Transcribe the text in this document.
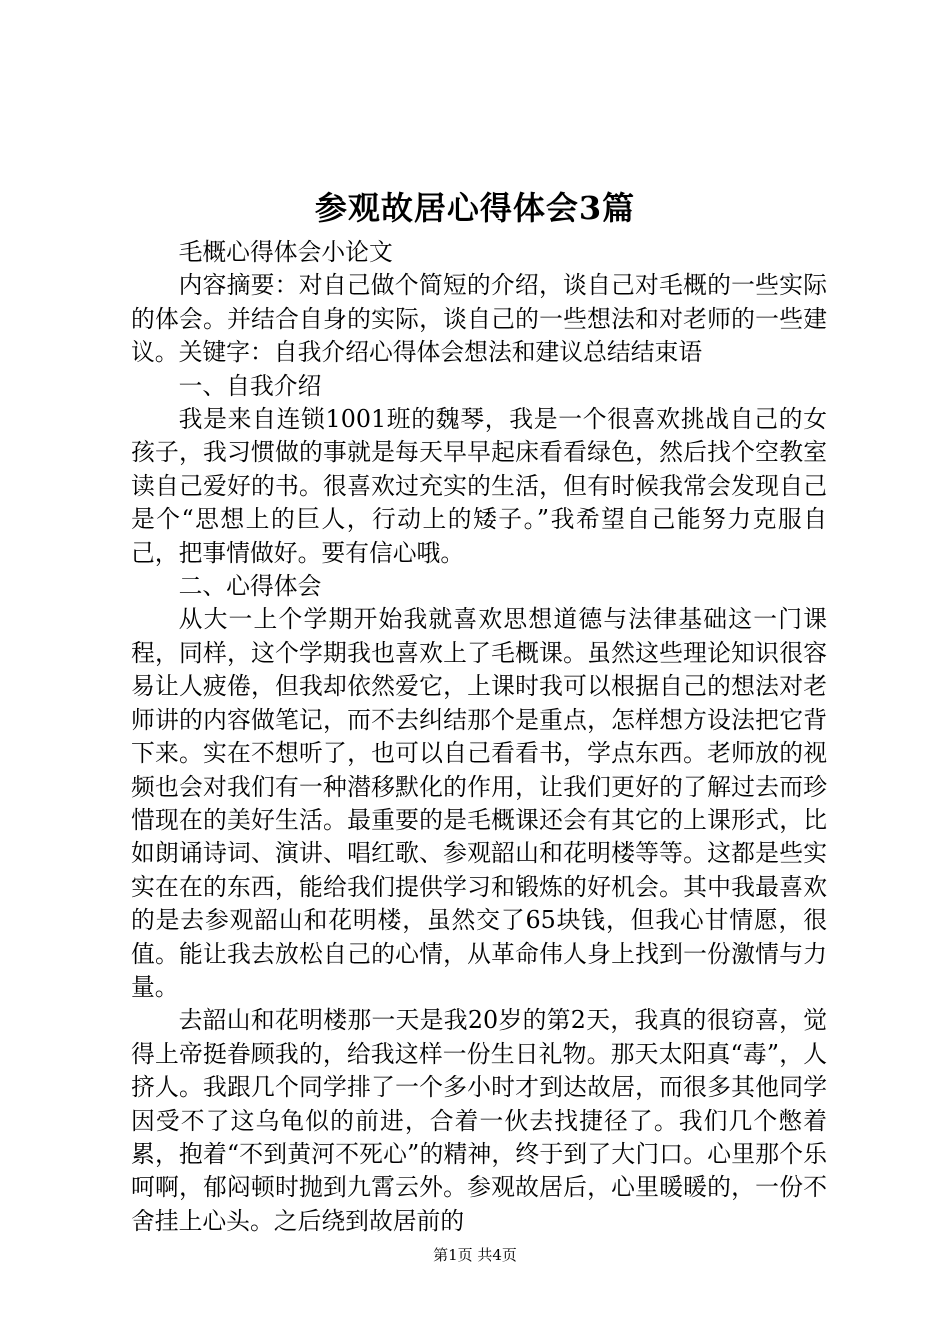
参观故居心得体会3篇

毛概心得体会小论文

内容摘要：对自己做个简短的介绍，谈自己对毛概的一些实际的体会。并结合自身的实际，谈自己的一些想法和对老师的一些建议。关键字：自我介绍心得体会想法和建议总结结束语

一、自我介绍

我是来自连锁1001班的魏琴，我是一个很喜欢挑战自己的女孩子，我习惯做的事就是每天早早起床看看绿色，然后找个空教室读自己爱好的书。很喜欢过充实的生活，但有时候我常会发现自己是个“思想上的巨人，行动上的矮子。”我希望自己能努力克服自己，把事情做好。要有信心哦。

二、心得体会

从大一上个学期开始我就喜欢思想道德与法律基础这一门课程，同样，这个学期我也喜欢上了毛概课。虽然这些理论知识很容易让人疲倦，但我却依然爱它，上课时我可以根据自己的想法对老师讲的内容做笔记，而不去纠结那个是重点，怎样想方设法把它背下来。实在不想听了，也可以自己看看书，学点东西。老师放的视频也会对我们有一种潜移默化的作用，让我们更好的了解过去而珍惜现在的美好生活。最重要的是毛概课还会有其它的上课形式，比如朗诵诗词、演讲、唱红歌、参观韶山和花明楼等等。这都是些实实在在的东西，能给我们提供学习和锻炼的好机会。其中我最喜欢的是去参观韶山和花明楼，虽然交了65块钱，但我心甘情愿，很值。能让我去放松自己的心情，从革命伟人身上找到一份激情与力量。

去韶山和花明楼那一天是我20岁的第2天，我真的很窃喜，觉得上帝挺眷顾我的，给我这样一份生日礼物。那天太阳真“毒”，人挤人。我跟几个同学排了一个多小时才到达故居，而很多其他同学因受不了这乌龟似的前进，合着一伙去找捷径了。我们几个憋着累，抱着“不到黄河不死心”的精神，终于到了大门口。心里那个乐呵啊，郁闷顿时抛到九霄云外。参观故居后，心里暖暖的，一份不舍挂上心头。之后绕到故居前的

第1页 共4页
